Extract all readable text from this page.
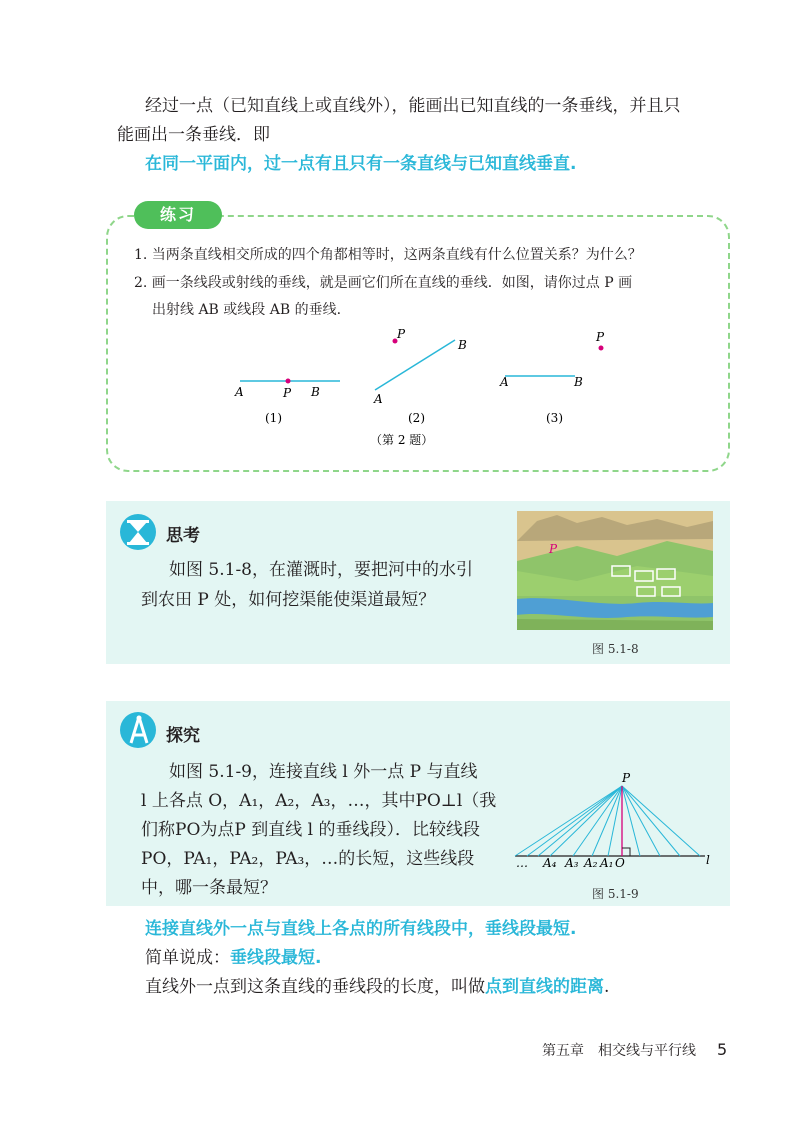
经过一点（已知直线上或直线外），能画出已知直线的一条垂线，并且只
能画出一条垂线．即
在同一平面内，过一点有且只有一条直线与已知直线垂直.
练习
1. 当两条直线相交所成的四个角都相等时，这两条直线有什么位置关系？为什么？
2. 画一条线段或射线的垂线，就是画它们所在直线的垂线．如图，请你过点 P 画
出射线 AB 或线段 AB 的垂线.
A	P B
(1)
P
A
B
(2)
P
A	B
(3)
（第 2 题）
思考
如图 5.1-8，在灌溉时，要把河中的水引
到农田 P 处，如何挖渠能使渠道最短？
P
图 5.1-8
探究
如图 5.1-9，连接直线 l 外一点 P 与直线
l 上各点 O，A₁，A₂，A₃，…，其中PO⊥l（我
们称PO为点P 到直线 l 的垂线段）．比较线段
PO，PA₁，PA₂，PA₃，…的长短，这些线段
中，哪一条最短？
P
O	l
… A₄ A₃ A₂ A₁
图 5.1-9
连接直线外一点与直线上各点的所有线段中，垂线段最短.
简单说成：垂线段最短.
直线外一点到这条直线的垂线段的长度，叫做点到直线的距离.
第五章　相交线与平行线 5
